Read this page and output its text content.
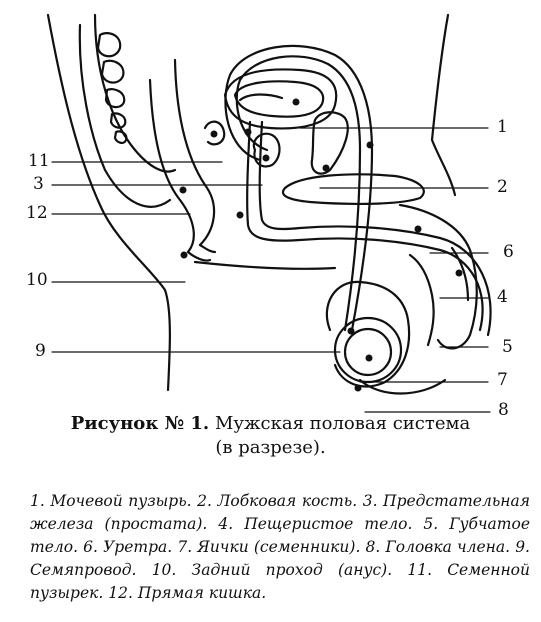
1
2
3
4
5
6
7
8
9
10
11
12
Рисунок № 1. Мужская половая система
(в разрезе).
1. Мочевой пузырь. 2. Лобковая кость. 3. Предстательная железа (простата). 4. Пещеристое тело. 5. Губчатое тело. 6. Уретра. 7. Яички (семенники). 8. Головка члена. 9. Семяпровод. 10. Задний проход (анус). 11. Семенной пузырек. 12. Прямая кишка.
